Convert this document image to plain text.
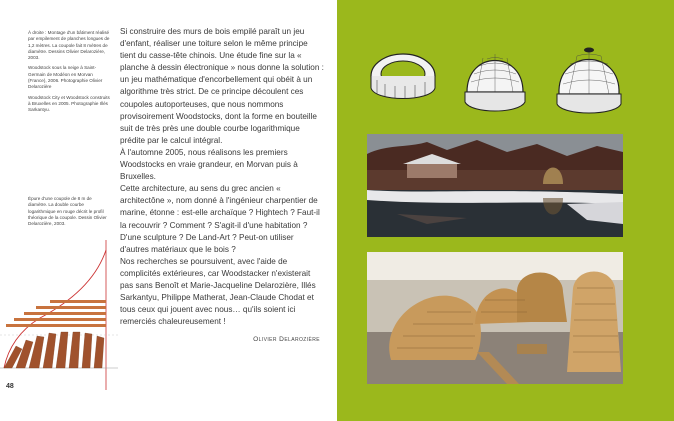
À droite : Montage d'un bâtiment réalisé par empilement de planches longues de 1,2 mètres. La coupole fait 8 mètres de diamètre. Dessins Olivier Delarozière, 2003.
Woodstock sous la neige à Saint-Germain de Modéon en Morvan (France), 2006. Photographie Olivier Delarozière
Woodstock City et Woodstock construits à Bruxelles en 2005. Photographie Illés Sarkantyu.
Épure d'une coupole de 8 m de diamètre. La double courbe logarithmique en rouge décrit le profil théorique de la coupole. Dessin Olivier Delarozière, 2003.

Si construire des murs de bois empilé paraît un jeu d'enfant, réaliser une toiture selon le même principe tient du casse-tête chinois. Une étude fine sur la « planche à dessin électronique » nous donne la solution : un jeu mathématique d'encorbellement qui obéit à un algorithme très strict. De ce principe découlent ces coupoles autoporteuses, que nous nommons provisoirement Woodstocks, dont la forme en bouteille suit de très près une double courbe logarithmique prédite par le calcul intégral.

À l'automne 2005, nous réalisons les premiers Woodstocks en vraie grandeur, en Morvan puis à Bruxelles.

Cette architecture, au sens du grec ancien « architectône », nom donné à l'ingénieur charpentier de marine, étonne : est-elle archaïque ? Hightech ? Faut-il la recouvrir ? Comment ? S'agit-il d'une habitation ? D'une sculpture ? De Land-Art ? Peut-on utiliser d'autres matériaux que le bois ?

Nos recherches se poursuivent, avec l'aide de complicités extérieures, car Woodstacker n'existerait pas sans Benoît et Marie-Jacqueline Delarozière, Illés Sarkantyu, Philippe Matherat, Jean-Claude Chodat et tous ceux qui jouent avec nous… qu'ils soient ici remerciés chaleureusement !

Olivier Delarozière
48
